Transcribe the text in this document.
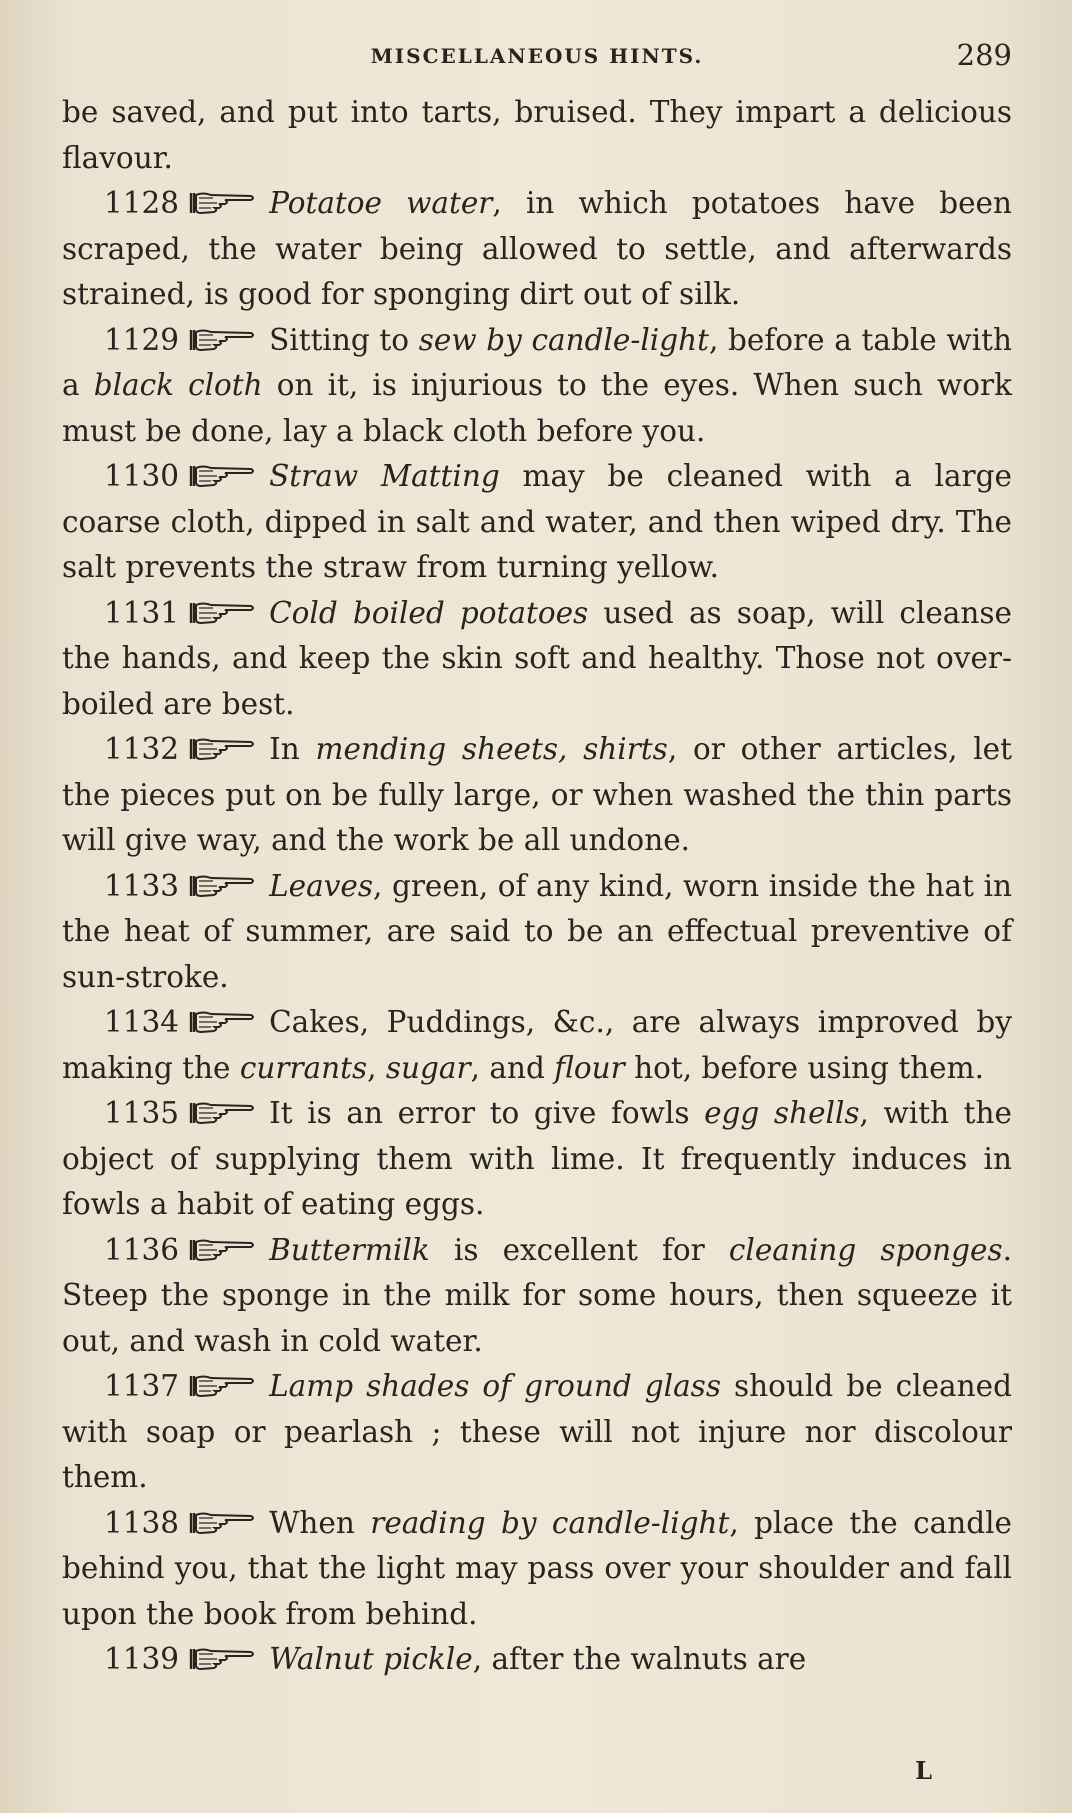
MISCELLANEOUS HINTS.	289

be saved, and put into tarts, bruised. They impart a delicious flavour.

1128	Potatoe water, in which potatoes have been scraped, the water being allowed to settle, and afterwards strained, is good for sponging dirt out of silk.

1129	Sitting to sew by candle-light, before a table with a black cloth on it, is injurious to the eyes. When such work must be done, lay a black cloth before you.

1130	Straw Matting may be cleaned with a large coarse cloth, dipped in salt and water, and then wiped dry. The salt prevents the straw from turning yellow.

1131	Cold boiled potatoes used as soap, will cleanse the hands, and keep the skin soft and healthy. Those not over-boiled are best.

1132	In mending sheets, shirts, or other articles, let the pieces put on be fully large, or when washed the thin parts will give way, and the work be all undone.

1133	Leaves, green, of any kind, worn inside the hat in the heat of summer, are said to be an effectual preventive of sun-stroke.

1134	Cakes, Puddings, &c., are always improved by making the currants, sugar, and flour hot, before using them.

1135	It is an error to give fowls egg shells, with the object of supplying them with lime. It frequently induces in fowls a habit of eating eggs.

1136	Buttermilk is excellent for cleaning sponges. Steep the sponge in the milk for some hours, then squeeze it out, and wash in cold water.

1137	Lamp shades of ground glass should be cleaned with soap or pearlash ; these will not injure nor discolour them.

1138	When reading by candle-light, place the candle behind you, that the light may pass over your shoulder and fall upon the book from behind.

1139	Walnut pickle, after the walnuts are

L
